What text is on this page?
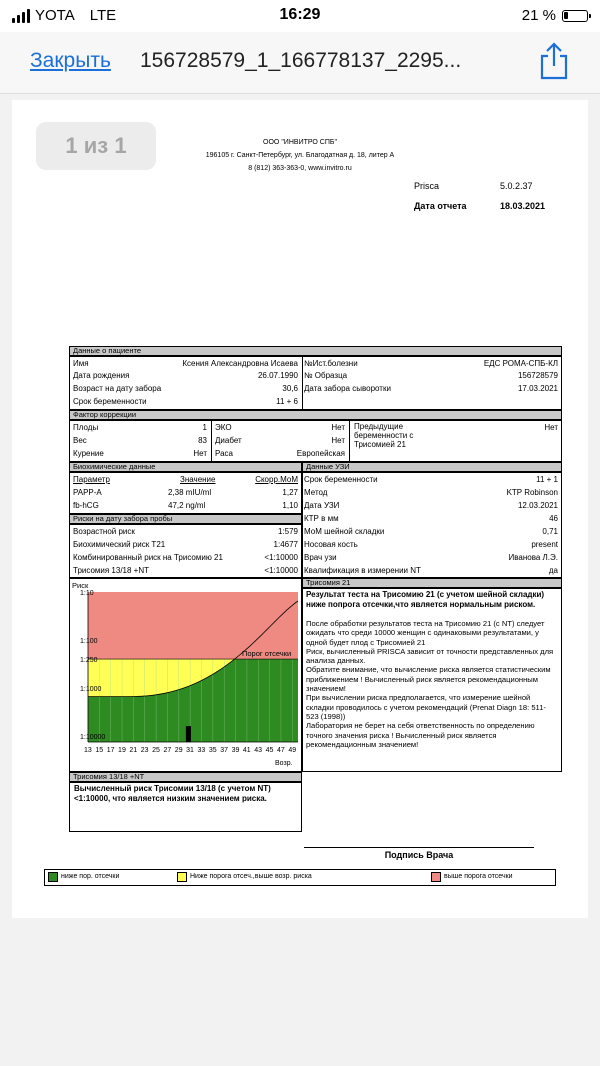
YOTA LTE	16:29	21 %
Закрыть 156728579_1_166778137_2295...
1 из 1	ООО "ИНВИТРО СПБ"
196105 г. Санкт-Петербург, ул. Благодатная д. 18, литер А
8 (812) 363-363-0, www.invitro.ru
Prisca	5.0.2.37
Дата отчета	18.03.2021
Данные о пациенте
Имя	Ксения Александровна Исаева
Дата рождения	26.07.1990
Возраст на дату забора	30,6
Срок беременности	11 + 6
№Ист.болезни	ЕДС РОМА-СПБ-КЛ
№ Образца	156728579
Дата забора сыворотки	17.03.2021
Фактор коррекции
Плоды	1
Вес	83
Курение	Нет
ЭКО	Нет
Диабет	Нет
Раса	Европейская
Предыдущие
беременности с
Трисомией 21
Нет
Биохимические данные
Параметр	Значение	Скорр.МоМ
PAPP-A	2,38 mIU/ml	1,27
fb-hCG	47,2 ng/ml	1,10
Данные УЗИ
Срок беременности	11 + 1
Метод	KTP Robinson
Дата УЗИ	12.03.2021
КТР в мм	46
МоМ шейной складки	0,71
Носовая кость	present
Врач узи	Иванова Л.Э.
Квалификация в измерении NT	да
Риски на дату забора пробы
Возрастной риск	1:579
Биохимический риск Т21	1:4677
Комбинированный риск на Трисомию 21	<1:10000
Трисомия 13/18 +NT	<1:10000
Порог отсечки
Риск
1:10
1:100
1:250
1:1000
1:10000
13 15 17 19 21 23 25 27 29 31 33 35 37 39 41 43 45 47 49
Возр.
Трисомия 21
Результат теста на Трисомию 21 (с учетом шейной складки) ниже попрога отсечки,что является нормальным риском.
После обработки результатов теста на Трисомию 21 (с NT) следует ожидать что среди 10000 женщин с одинаковыми результатами, у одной будет плод с Трисомией 21
Риск, вычисленный PRISCA зависит от точности представленных для анализа данных.
Обратите внимание, что вычисление риска является статистическим приближением ! Вычисленный риск является рекомендационным значением!
При вычислении риска предполагается, что измерение шейной складки проводилось с учетом рекомендаций (Prenat Diagn 18: 511-523 (1998))
Лаборатория не берет на себя ответственность по определению точного значения риска ! Вычисленный риск является рекомендационным значением!
Трисомия 13/18 +NT
Вычисленный риск Трисомии 13/18 (с учетом NT) <1:10000, что является низким значением риска.
Подпись Врача
ниже пор. отсечки	Ниже порога отсеч.,выше возр. риска	выше порога отсечки
